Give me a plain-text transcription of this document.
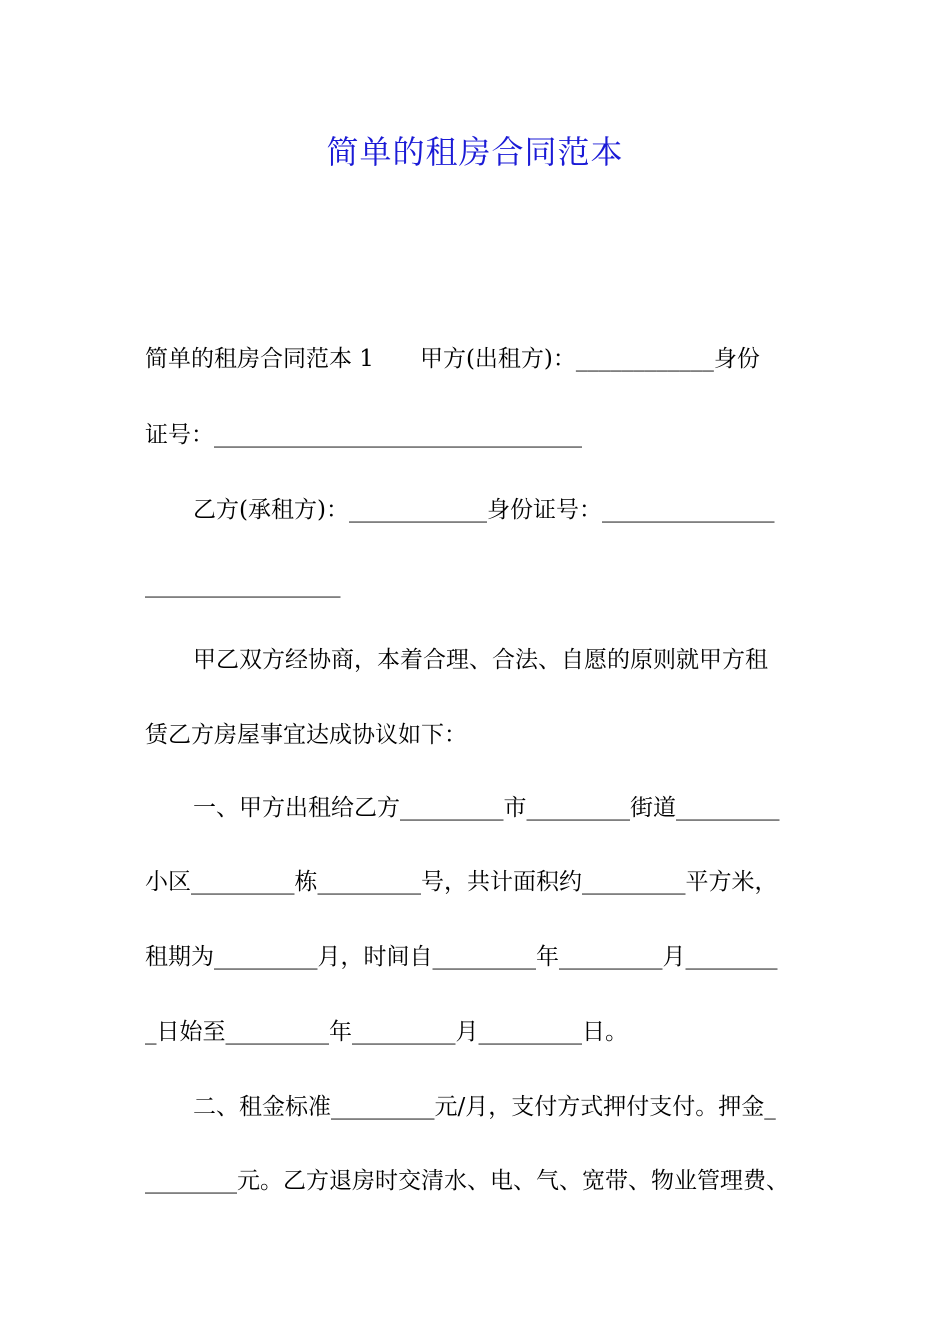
简单的租房合同范本
简单的租房合同范本 1　　甲方(出租方)：____________身份
证号：________________________________
乙方(承租方)：____________身份证号：_______________
_________________
甲乙双方经协商，本着合理、合法、自愿的原则就甲方租
赁乙方房屋事宜达成协议如下：
一、甲方出租给乙方_________市_________街道_________
小区_________栋_________号，共计面积约_________平方米，
租期为_________月，时间自_________年_________月________
_日始至_________年_________月_________日。
二、租金标准_________元/月，支付方式押付支付。押金_
________元。乙方退房时交清水、电、气、宽带、物业管理费、
